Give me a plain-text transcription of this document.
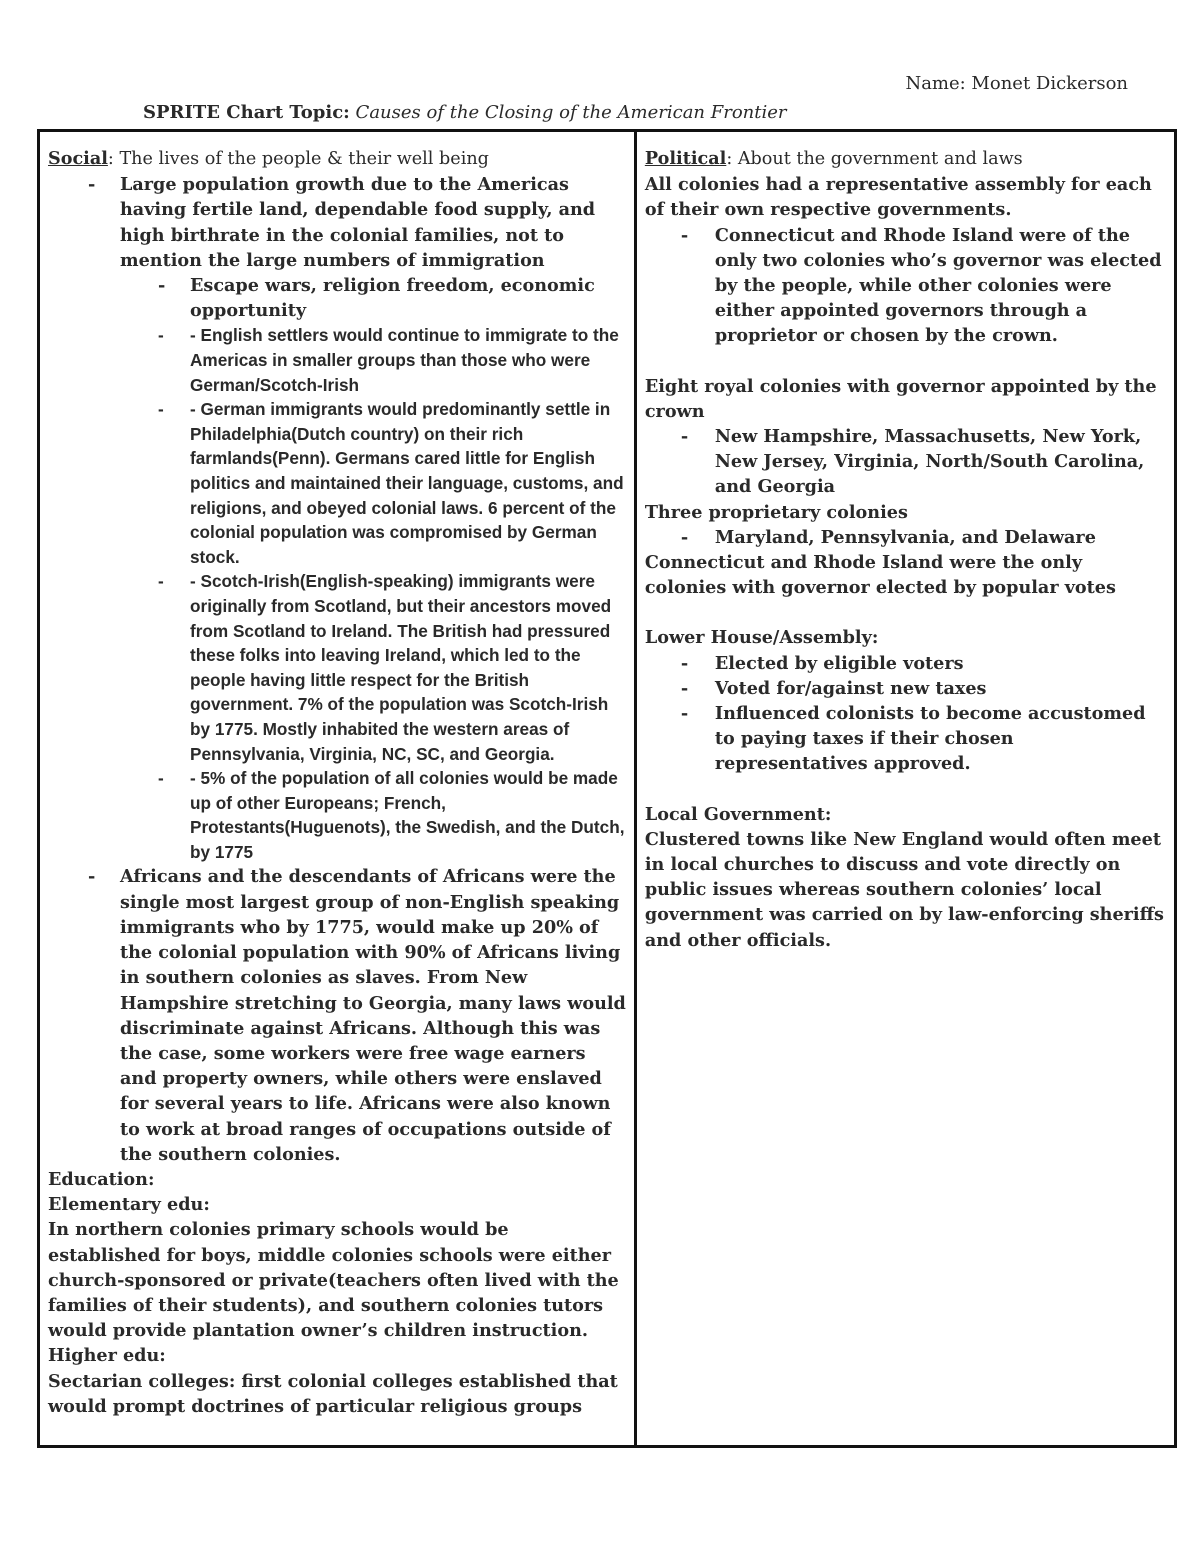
Name: Monet Dickerson
SPRITE Chart Topic: Causes of the Closing of the American Frontier
Social: The lives of the people & their well being
- Large population growth due to the Americas having fertile land, dependable food supply, and high birthrate in the colonial families, not to mention the large numbers of immigration
- Escape wars, religion freedom, economic opportunity
- - English settlers would continue to immigrate to the Americas in smaller groups than those who were German/Scotch-Irish
- - German immigrants would predominantly settle in Philadelphia(Dutch country) on their rich farmlands(Penn). Germans cared little for English politics and maintained their language, customs, and religions, and obeyed colonial laws. 6 percent of the colonial population was compromised by German stock.
- - Scotch-Irish(English-speaking) immigrants were originally from Scotland, but their ancestors moved from Scotland to Ireland. The British had pressured these folks into leaving Ireland, which led to the people having little respect for the British government. 7% of the population was Scotch-Irish by 1775. Mostly inhabited the western areas of Pennsylvania, Virginia, NC, SC, and Georgia.
- - 5% of the population of all colonies would be made up of other Europeans; French, Protestants(Huguenots), the Swedish, and the Dutch, by 1775
- Africans and the descendants of Africans were the single most largest group of non-English speaking immigrants who by 1775, would make up 20% of the colonial population with 90% of Africans living in southern colonies as slaves. From New Hampshire stretching to Georgia, many laws would discriminate against Africans. Although this was the case, some workers were free wage earners and property owners, while others were enslaved for several years to life. Africans were also known to work at broad ranges of occupations outside of the southern colonies.
Education:
Elementary edu:
In northern colonies primary schools would be established for boys, middle colonies schools were either church-sponsored or private(teachers often lived with the families of their students), and southern colonies tutors would provide plantation owner’s children instruction.
Higher edu:
Sectarian colleges: first colonial colleges established that would prompt doctrines of particular religious groups
Political: About the government and laws
All colonies had a representative assembly for each of their own respective governments.
- Connecticut and Rhode Island were of the only two colonies who’s governor was elected by the people, while other colonies were either appointed governors through a proprietor or chosen by the crown.
Eight royal colonies with governor appointed by the crown
- New Hampshire, Massachusetts, New York, New Jersey, Virginia, North/South Carolina, and Georgia
Three proprietary colonies
- Maryland, Pennsylvania, and Delaware
Connecticut and Rhode Island were the only colonies with governor elected by popular votes
Lower House/Assembly:
- Elected by eligible voters
- Voted for/against new taxes
- Influenced colonists to become accustomed to paying taxes if their chosen representatives approved.
Local Government:
Clustered towns like New England would often meet in local churches to discuss and vote directly on public issues whereas southern colonies’ local government was carried on by law-enforcing sheriffs and other officials.
